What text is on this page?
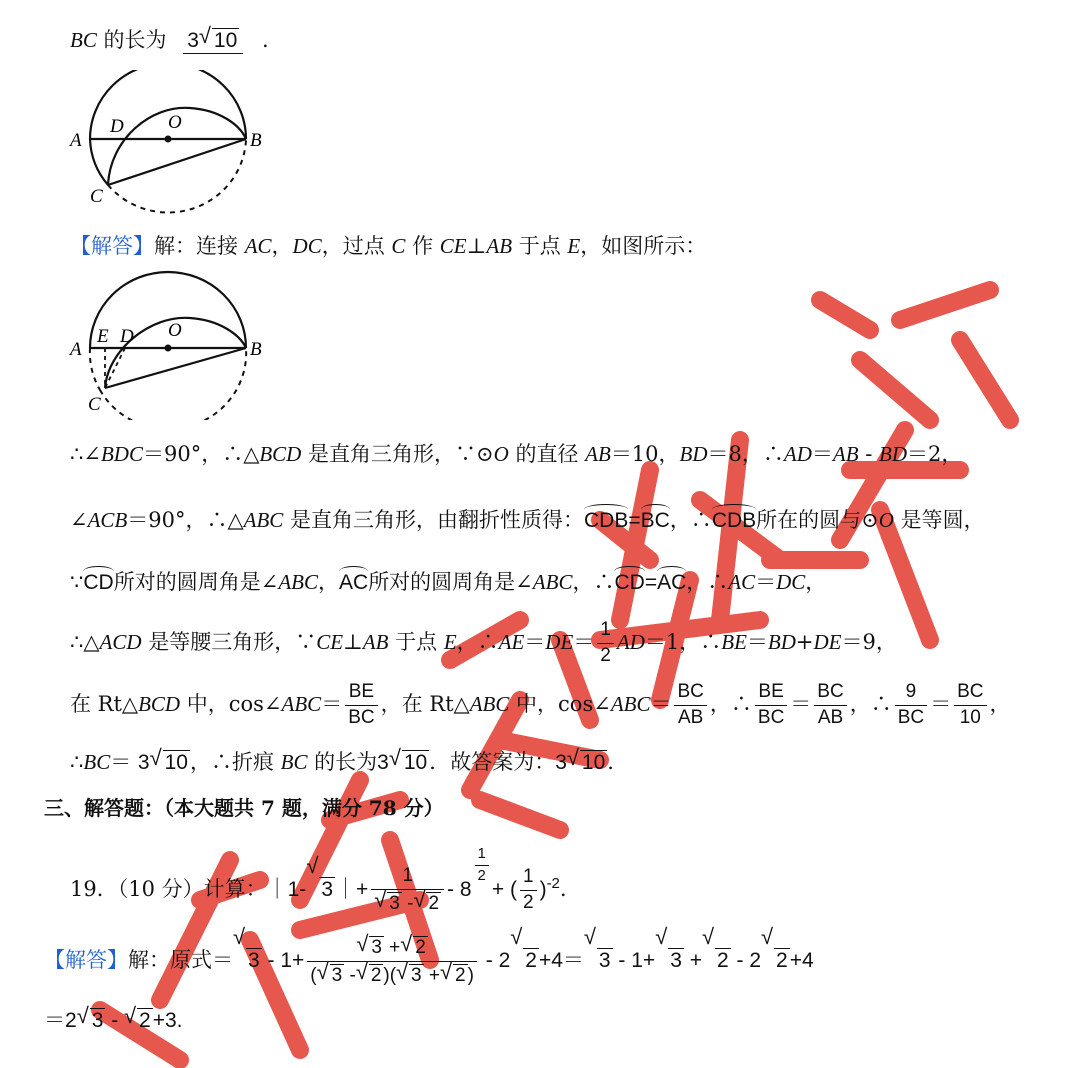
BC 的长为 3 √ 10 .
A	B
C
D O
【解答】解：连接 AC，DC，过点 C 作 CE⊥AB 于点 E，如图所示：
A	B
C
D
E	O
∴∠BDC＝90°，∴△BCD 是直角三角形，∵⊙O 的直径 AB＝10，BD＝8，∴AD＝AB - BD＝2，
∠ACB＝90°，∴△ABC 是直角三角形，由翻折性质得：CDB=BC，∴CDB所在的圆与⊙O 是等圆，
∵CD所对的圆周角是∠ABC，AC所对的圆周角是∠ABC，∴CD=AC，∴AC＝DC，
∴△ACD 是等腰三角形，∵CE⊥AB 于点 E，∴AE＝DE＝ $\frac{1}{2} AD=1$，∴BE＝BD+DE＝9，
在 Rt△BCD 中，cos∠ABC＝ $\frac{BE}{BC}$ ，在 Rt△ABC 中，cos∠ABC＝ $\frac{BC}{AB}$ ，∴ $\frac{BE}{BC} = \frac{BC}{AB}$ ，∴ $\frac{9}{BC} = \frac{BC}{10}$ ，
∴BC＝ 3 √ 10，∴折痕 BC 的长为3 √ 10．故答案为：3 √ 10.
三、解答题：（本大题共 7 题，满分 78 分）
19．（10 分）计算：｜1-
√
3｜+ $\frac{1}{√ 3 - √ 2} - 8$
$\frac{1}{2}$
+ ( $\frac{1}{2} )^{-2}$.
【解答】解：原式＝
√
$3 - 1+ \frac{√ 3 + √ 2}{( √ 3 - √ 2 )( √ 3 + √ 2 )} - 2$
√
2+4＝
√
3 - 1+
√
3 +
√
2 - 2
√
2+4
＝2 √ 3 - √ 2+3.
